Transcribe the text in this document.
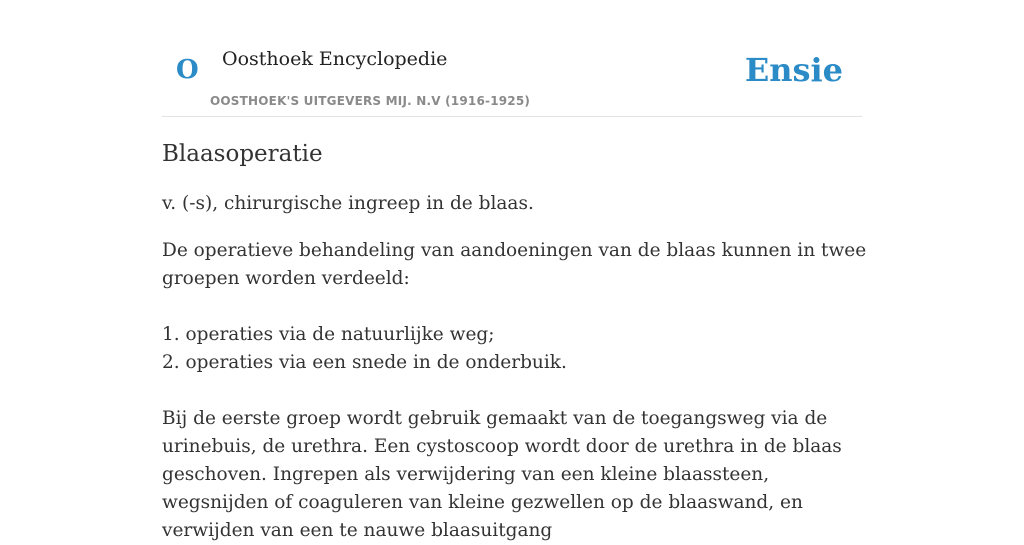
O Oosthoek Encyclopedie
OOSTHOEK'S UITGEVERS MIJ. N.V (1916-1925)
Ensie
Blaasoperatie

v. (-s), chirurgische ingreep in de blaas.

De operatieve behandeling van aandoeningen van de blaas kunnen in twee groepen worden verdeeld:

1. operaties via de natuurlijke weg;
2. operaties via een snede in de onderbuik.

Bij de eerste groep wordt gebruik gemaakt van de toegangsweg via de urinebuis, de urethra. Een cystoscoop wordt door de urethra in de blaas geschoven. Ingrepen als verwijdering van een kleine blaassteen, wegsnijden of coaguleren van kleine gezwellen op de blaaswand, en verwijden van een te nauwe blaasuitgang
